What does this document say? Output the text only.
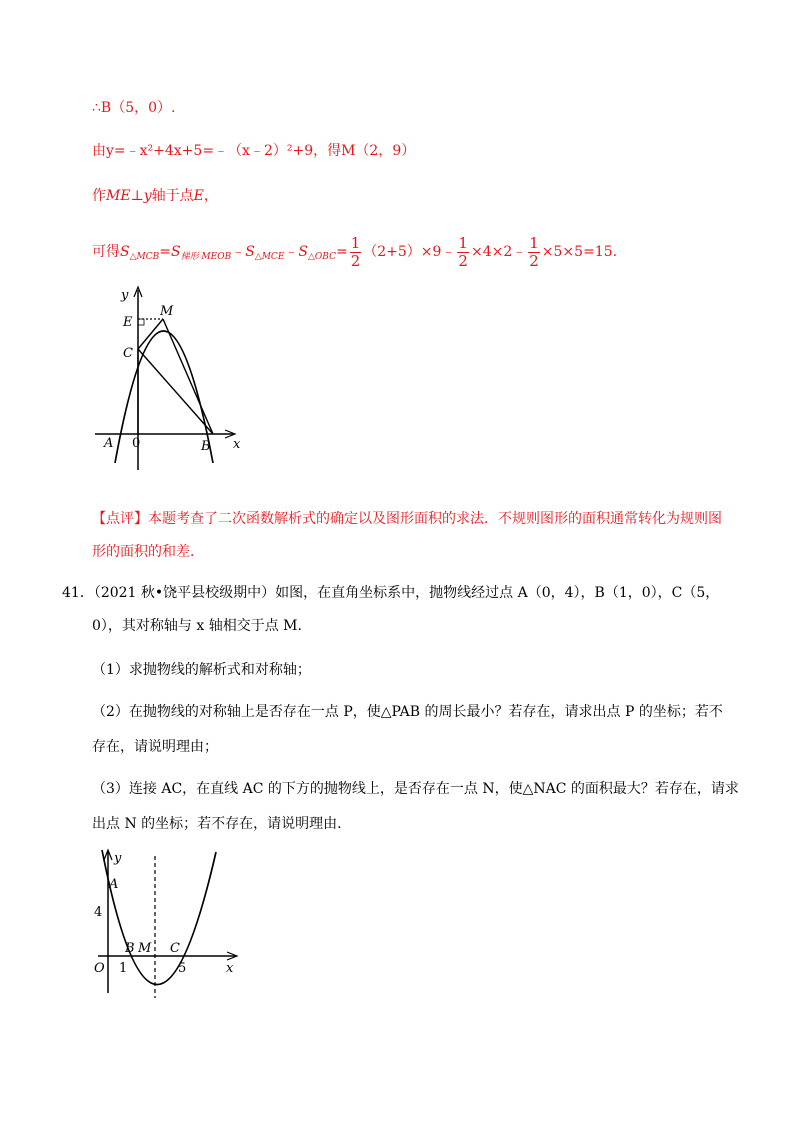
∴B（5，0）.
由y=﹣x²+4x+5=﹣（x﹣2）²+9，得M（2，9）
作ME⊥y轴于点E，
可得$S_{\triangle MCB}=S_{梯形 MEOB}﹣S_{\triangle MCE}﹣S_{\triangle OBC}= \frac{1}{2}$ （2+5）×9﹣ $\frac{1}{2}$ ×4×2﹣ $\frac{1}{2} \times 5\times 5=15$.
y
x
M
E
C
A 0	B
【点评】本题考查了二次函数解析式的确定以及图形面积的求法．不规则图形的面积通常转化为规则图
形的面积的和差．
41．（2021 秋•饶平县校级期中）如图，在直角坐标系中，抛物线经过点 A（0，4），B（1，0），C（5，
0），其对称轴与 x 轴相交于点 M.
（1）求抛物线的解析式和对称轴；
（2）在抛物线的对称轴上是否存在一点 P，使△PAB 的周长最小？若存在，请求出点 P 的坐标；若不
存在，请说明理由；
（3）连接 AC，在直线 AC 的下方的抛物线上，是否存在一点 N，使△NAC 的面积最大？若存在，请求
出点 N 的坐标；若不存在，请说明理由.
y
x
A
4
B M C
O 1	5
